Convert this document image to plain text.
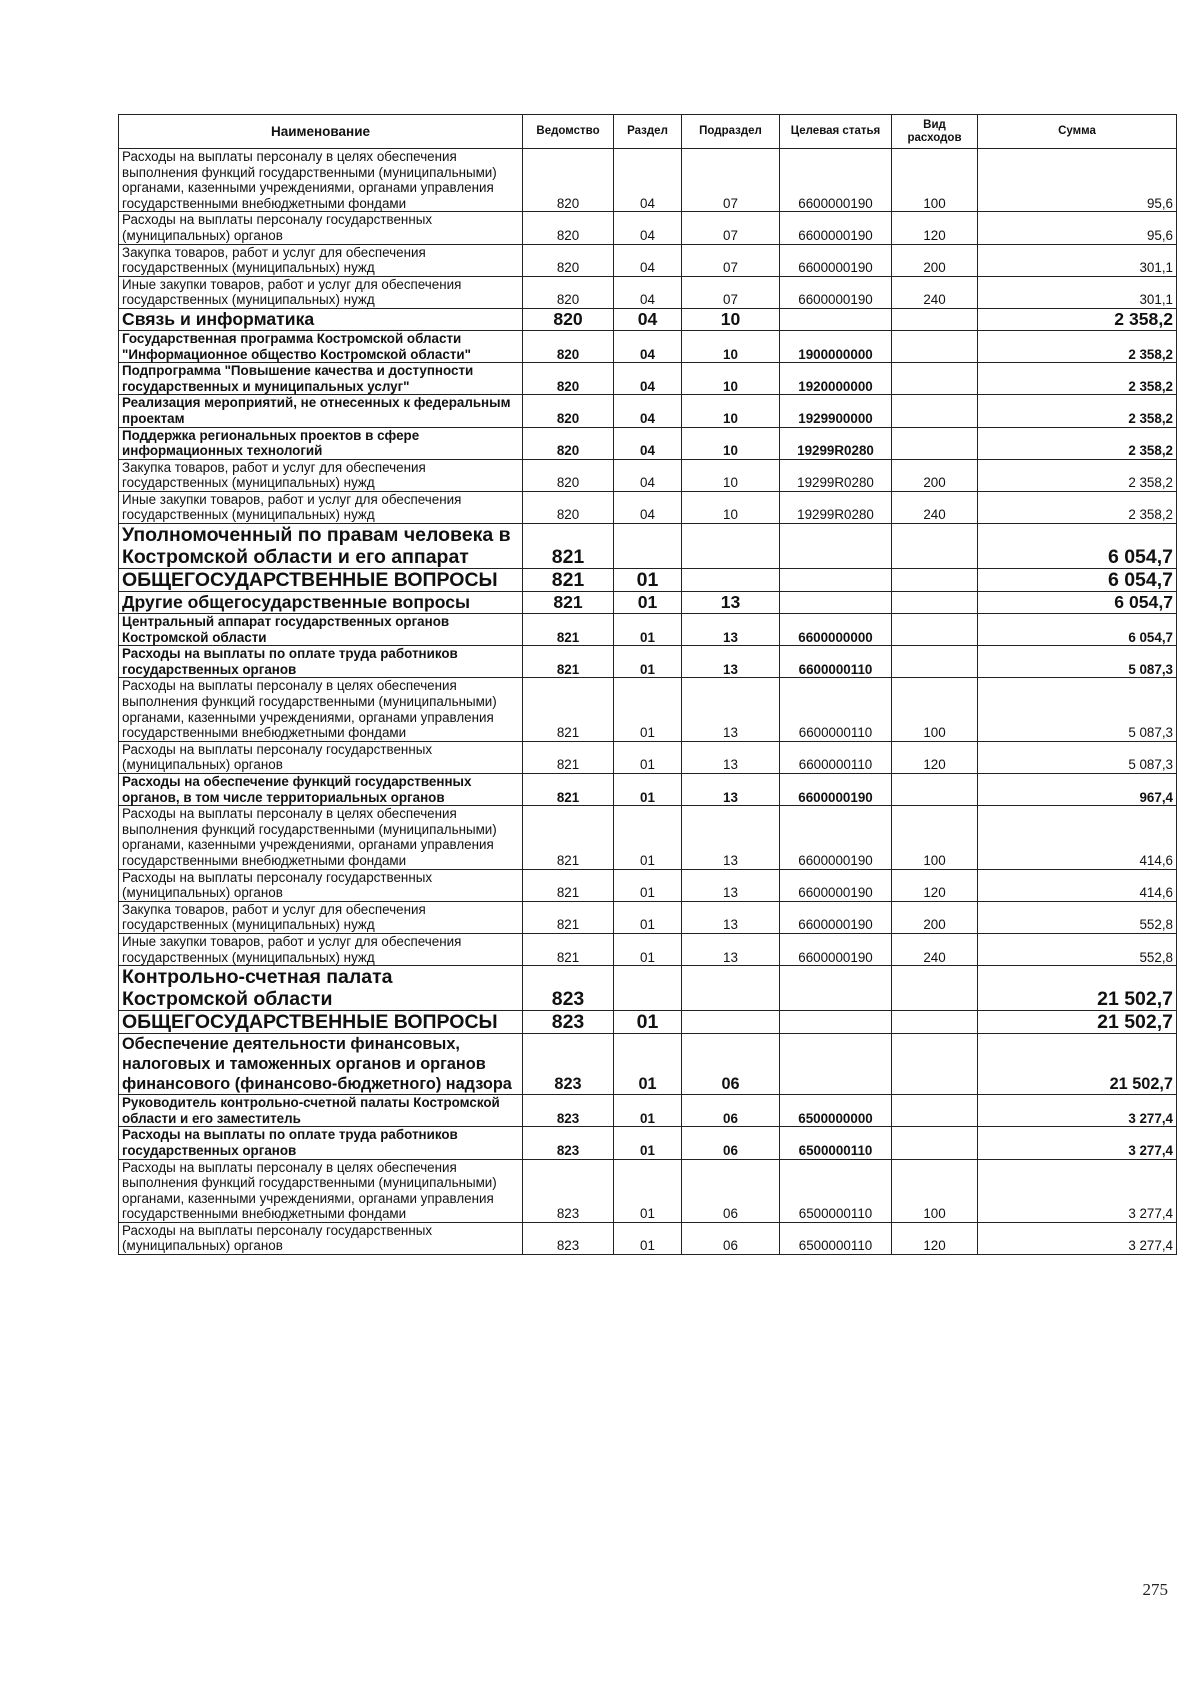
Наименование	Ведомство	Раздел	Подраздел	Целевая статья	Вид расходов	Сумма
Расходы на выплаты персоналу в целях обеспечения выполнения функций государственными (муниципальными) органами, казенными учреждениями, органами управления государственными внебюджетными фондами	820	04	07	6600000190	100	95,6
Расходы на выплаты персоналу государственных (муниципальных) органов	820	04	07	6600000190	120	95,6
Закупка товаров, работ и услуг для обеспечения государственных (муниципальных) нужд	820	04	07	6600000190	200	301,1
Иные закупки товаров, работ и услуг для обеспечения государственных (муниципальных) нужд	820	04	07	6600000190	240	301,1
Связь и информатика	820	04	10			2 358,2
Государственная программа Костромской области "Информационное общество Костромской области"	820	04	10	1900000000		2 358,2
Подпрограмма "Повышение качества и доступности государственных и муниципальных услуг"	820	04	10	1920000000		2 358,2
Реализация мероприятий, не отнесенных к федеральным проектам	820	04	10	1929900000		2 358,2
Поддержка региональных проектов в сфере информационных технологий	820	04	10	19299R0280		2 358,2
Закупка товаров, работ и услуг для обеспечения государственных (муниципальных) нужд	820	04	10	19299R0280	200	2 358,2
Иные закупки товаров, работ и услуг для обеспечения государственных (муниципальных) нужд	820	04	10	19299R0280	240	2 358,2
Уполномоченный по правам человека в Костромской области и его аппарат	821					6 054,7
ОБЩЕГОСУДАРСТВЕННЫЕ ВОПРОСЫ	821	01				6 054,7
Другие общегосударственные вопросы	821	01	13			6 054,7
Центральный аппарат государственных органов Костромской области	821	01	13	6600000000		6 054,7
Расходы на выплаты по оплате труда работников государственных органов	821	01	13	6600000110		5 087,3
Расходы на выплаты персоналу в целях обеспечения выполнения функций государственными (муниципальными) органами, казенными учреждениями, органами управления государственными внебюджетными фондами	821	01	13	6600000110	100	5 087,3
Расходы на выплаты персоналу государственных (муниципальных) органов	821	01	13	6600000110	120	5 087,3
Расходы на обеспечение функций государственных органов, в том числе территориальных органов	821	01	13	6600000190		967,4
Расходы на выплаты персоналу в целях обеспечения выполнения функций государственными (муниципальными) органами, казенными учреждениями, органами управления государственными внебюджетными фондами	821	01	13	6600000190	100	414,6
Расходы на выплаты персоналу государственных (муниципальных) органов	821	01	13	6600000190	120	414,6
Закупка товаров, работ и услуг для обеспечения государственных (муниципальных) нужд	821	01	13	6600000190	200	552,8
Иные закупки товаров, работ и услуг для обеспечения государственных (муниципальных) нужд	821	01	13	6600000190	240	552,8
Контрольно-счетная палата Костромской области	823					21 502,7
ОБЩЕГОСУДАРСТВЕННЫЕ ВОПРОСЫ	823	01				21 502,7
Обеспечение деятельности финансовых, налоговых и таможенных органов и органов финансового (финансово-бюджетного) надзора	823	01	06			21 502,7
Руководитель контрольно-счетной палаты Костромской области и его заместитель	823	01	06	6500000000		3 277,4
Расходы на выплаты по оплате труда работников государственных органов	823	01	06	6500000110		3 277,4
Расходы на выплаты персоналу в целях обеспечения выполнения функций государственными (муниципальными) органами, казенными учреждениями, органами управления государственными внебюджетными фондами	823	01	06	6500000110	100	3 277,4
Расходы на выплаты персоналу государственных (муниципальных) органов	823	01	06	6500000110	120	3 277,4
275
